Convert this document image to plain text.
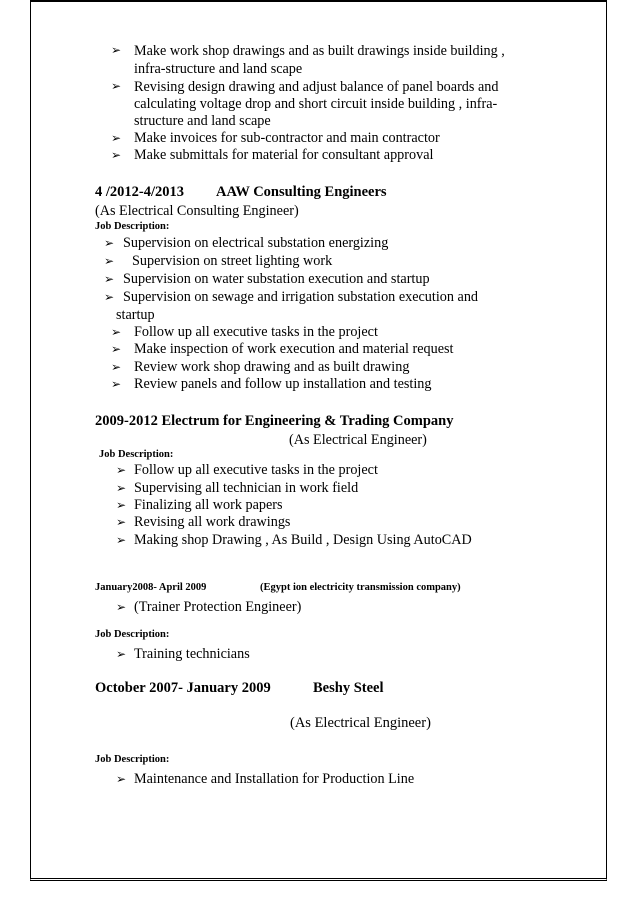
➢ Make work shop drawings and as built drawings inside building ,
infra-structure and land scape
➢ Revising design drawing and adjust balance of panel boards and
calculating voltage drop and short circuit inside building , infra-
structure and land scape
➢ Make invoices for sub-contractor and main contractor
➢ Make submittals for material for consultant approval
4 /2012-4/2013 AAW Consulting Engineers
(As Electrical Consulting Engineer)
Job Description:
➢ Supervision on electrical substation energizing
➢ Supervision on street lighting work
➢ Supervision on water substation execution and startup
➢ Supervision on sewage and irrigation substation execution and
startup
➢ Follow up all executive tasks in the project
➢ Make inspection of work execution and material request
➢ Review work shop drawing and as built drawing
➢ Review panels and follow up installation and testing
2009-2012 Electrum for Engineering & Trading Company
(As Electrical Engineer)
Job Description:
➢ Follow up all executive tasks in the project
➢ Supervising all technician in work field
➢ Finalizing all work papers
➢ Revising all work drawings
➢ Making shop Drawing , As Build , Design Using AutoCAD
January2008- April 2009	(Egypt ion electricity transmission company)
➢ (Trainer Protection Engineer)
Job Description:
➢ Training technicians
October 2007- January 2009	Beshy Steel
(As Electrical Engineer)
Job Description:
➢ Maintenance and Installation for Production Line
